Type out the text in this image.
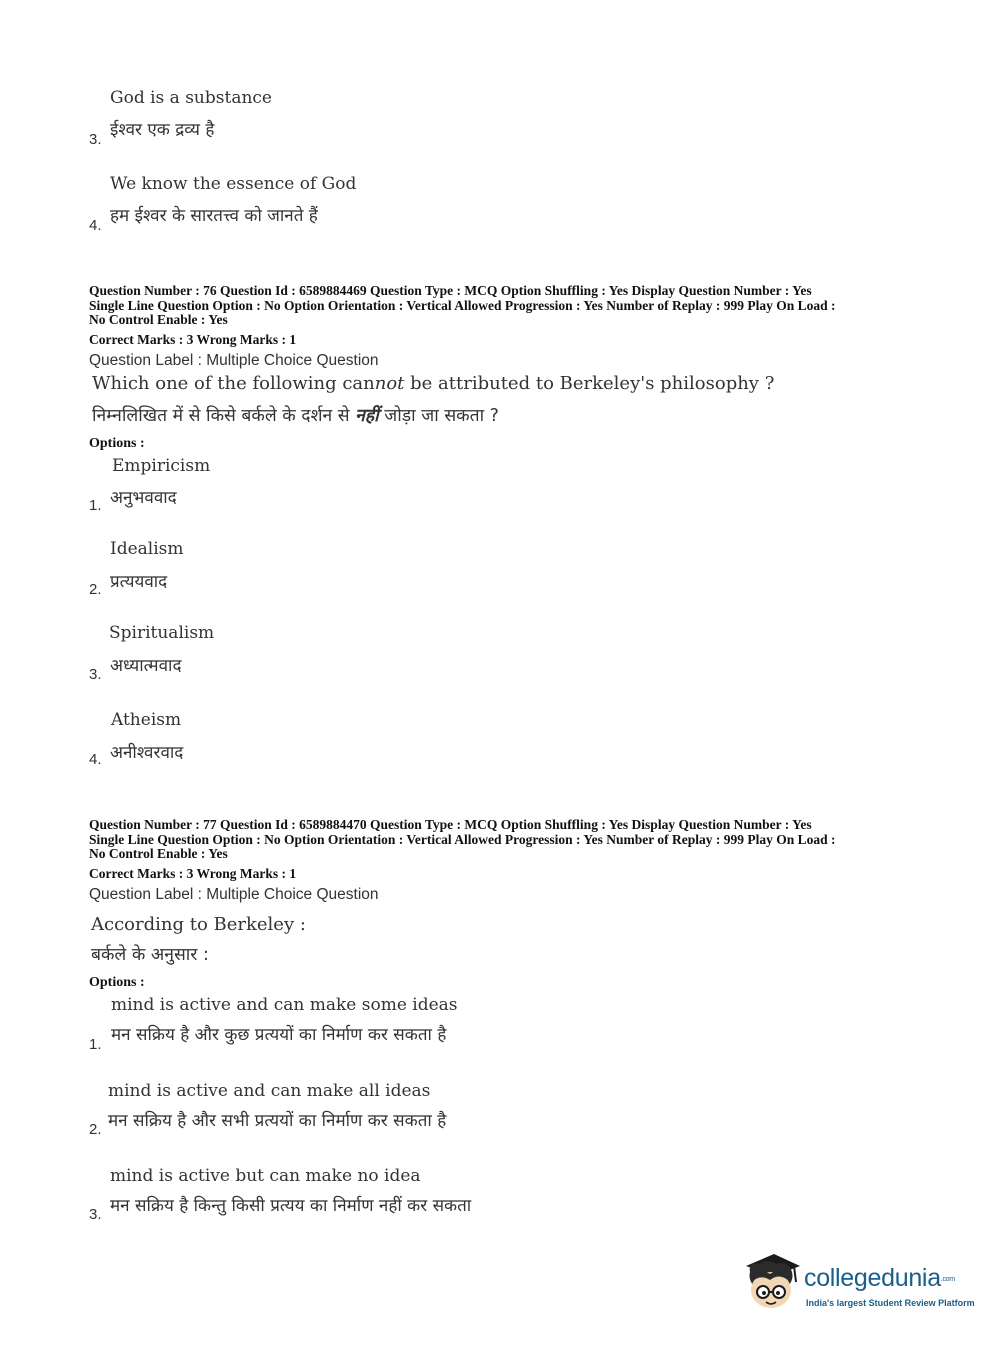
God is a substance
ईश्वर एक द्रव्य है
3.
We know the essence of God
हम ईश्वर के सारतत्त्व को जानते हैं
4.
Question Number : 76 Question Id : 6589884469 Question Type : MCQ Option Shuffling : Yes Display Question Number : Yes
Single Line Question Option : No Option Orientation : Vertical Allowed Progression : Yes Number of Replay : 999 Play On Load :
No Control Enable : Yes
Correct Marks : 3 Wrong Marks : 1
Question Label : Multiple Choice Question
Which one of the following cannot be attributed to Berkeley's philosophy ?
निम्नलिखित में से किसे बर्कले के दर्शन से नहीं जोड़ा जा सकता ?
Options :
Empiricism
अनुभववाद
1.
Idealism
प्रत्ययवाद
2.
Spiritualism
अध्यात्मवाद
3.
Atheism
अनीश्वरवाद
4.
Question Number : 77 Question Id : 6589884470 Question Type : MCQ Option Shuffling : Yes Display Question Number : Yes
Single Line Question Option : No Option Orientation : Vertical Allowed Progression : Yes Number of Replay : 999 Play On Load :
No Control Enable : Yes
Correct Marks : 3 Wrong Marks : 1
Question Label : Multiple Choice Question
According to Berkeley :
बर्कले के अनुसार :
Options :
mind is active and can make some ideas
मन सक्रिय है और कुछ प्रत्ययों का निर्माण कर सकता है
1.
mind is active and can make all ideas
मन सक्रिय है और सभी प्रत्ययों का निर्माण कर सकता है
2.
mind is active but can make no idea
मन सक्रिय है किन्तु किसी प्रत्यय का निर्माण नहीं कर सकता
3.
collegedunia.com
India's largest Student Review Platform
